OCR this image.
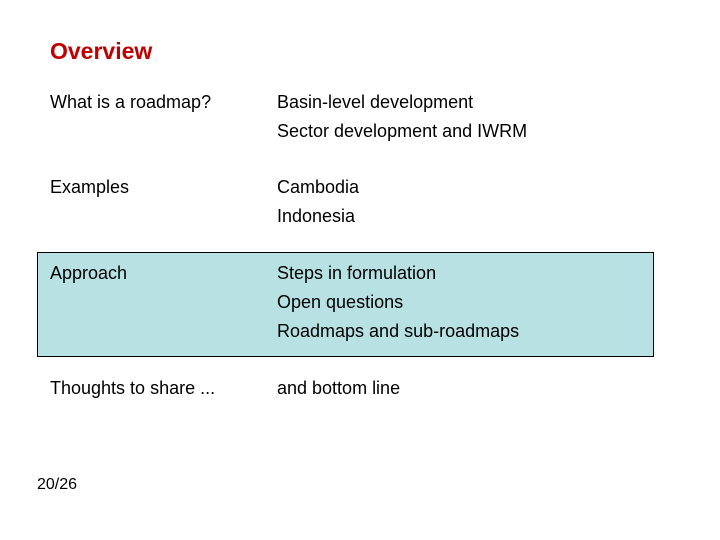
Overview
What is a roadmap?	Basin-level development
Sector development and IWRM
Examples	Cambodia
Indonesia
Approach	Steps in formulation
Open questions
Roadmaps and sub-roadmaps
Thoughts to share ...	and bottom line
20/26
